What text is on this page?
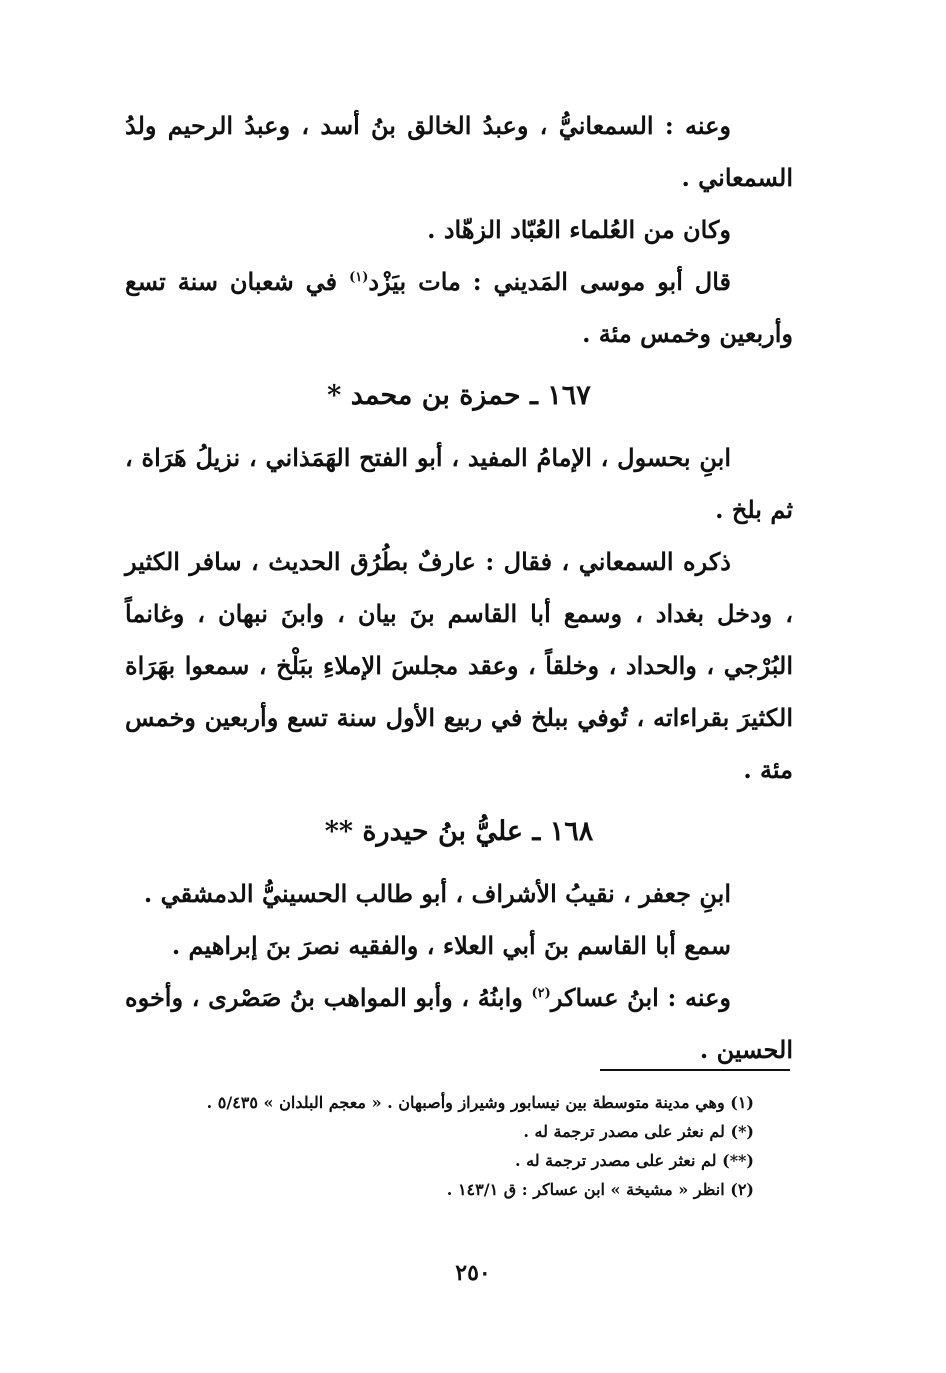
وعنه : السمعانيُّ ، وعبدُ الخالق بنُ أسد ، وعبدُ الرحيم ولدُ السمعاني .

وكان من العُلماء العُبّاد الزهّاد .

قال أبو موسى المَديني : مات بيَزْد$^{(١)}$ في شعبان سنة تسع وأربعين وخمس مئة .

١٦٧ ـ حمزة بن محمد *

ابنِ بحسول ، الإمامُ المفيد ، أبو الفتح الهَمَذاني ، نزيلُ هَرَاة ، ثم بلخ .

ذكره السمعاني ، فقال : عارفٌ بطُرُق الحديث ، سافر الكثير ، ودخل بغداد ، وسمع أبا القاسم بنَ بيان ، وابنَ نبهان ، وغانماً البُرْجي ، والحداد ، وخلقاً ، وعقد مجلسَ الإملاءِ ببَلْخ ، سمعوا بهَرَاة الكثيرَ بقراءاته ، تُوفي ببلخ في ربيع الأول سنة تسع وأربعين وخمس مئة .

١٦٨ ـ عليُّ بنُ حيدرة **

ابنِ جعفر ، نقيبُ الأشراف ، أبو طالب الحسينيُّ الدمشقي .

سمع أبا القاسم بنَ أبي العلاء ، والفقيه نصرَ بنَ إبراهيم .

وعنه : ابنُ عساكر$^{(٢)}$ وابنُهُ ، وأبو المواهب بنُ صَصْرى ، وأخوه الحسين .

(١) وهي مدينة متوسطة بين نيسابور وشيراز وأصبهان . « معجم البلدان » ٥/٤٣٥ .

(*) لم نعثر على مصدر ترجمة له .

(**) لم نعثر على مصدر ترجمة له .

(٢) انظر « مشيخة » ابن عساكر : ق ١٤٣/١ .

٢٥٠
